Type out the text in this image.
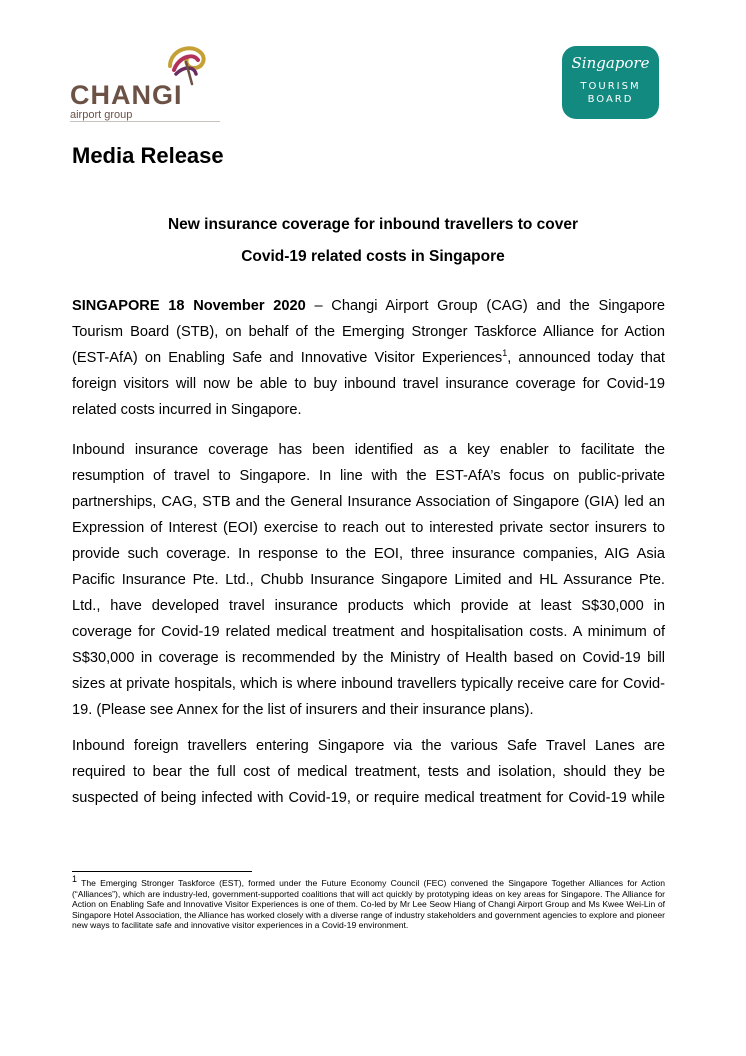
CHANGI
airport group
Singapore
TOURISM
BOARD
Media Release
New insurance coverage for inbound travellers to cover
Covid-19 related costs in Singapore

SINGAPORE 18 November 2020 – Changi Airport Group (CAG) and the Singapore Tourism Board (STB), on behalf of the Emerging Stronger Taskforce Alliance for Action (EST-AfA) on Enabling Safe and Innovative Visitor Experiences$^1$, announced today that foreign visitors will now be able to buy inbound travel insurance coverage for Covid-19 related costs incurred in Singapore.

Inbound insurance coverage has been identified as a key enabler to facilitate the resumption of travel to Singapore. In line with the EST-AfA’s focus on public-private partnerships, CAG, STB and the General Insurance Association of Singapore (GIA) led an Expression of Interest (EOI) exercise to reach out to interested private sector insurers to provide such coverage. In response to the EOI, three insurance companies, AIG Asia Pacific Insurance Pte. Ltd., Chubb Insurance Singapore Limited and HL Assurance Pte. Ltd., have developed travel insurance products which provide at least S$30,000 in coverage for Covid-19 related medical treatment and hospitalisation costs. A minimum of S$30,000 in coverage is recommended by the Ministry of Health based on Covid-19 bill sizes at private hospitals, which is where inbound travellers typically receive care for Covid-19. (Please see Annex for the list of insurers and their insurance plans).

Inbound foreign travellers entering Singapore via the various Safe Travel Lanes are required to bear the full cost of medical treatment, tests and isolation, should they be suspected of being infected with Covid-19, or require medical treatment for Covid-19 while

$^1$ The Emerging Stronger Taskforce (EST), formed under the Future Economy Council (FEC) convened the Singapore Together Alliances for Action (“Alliances”), which are industry-led, government-supported coalitions that will act quickly by prototyping ideas on key areas for Singapore. The Alliance for Action on Enabling Safe and Innovative Visitor Experiences is one of them. Co-led by Mr Lee Seow Hiang of Changi Airport Group and Ms Kwee Wei-Lin of Singapore Hotel Association, the Alliance has worked closely with a diverse range of industry stakeholders and government agencies to explore and pioneer new ways to facilitate safe and innovative visitor experiences in a Covid-19 environment.
